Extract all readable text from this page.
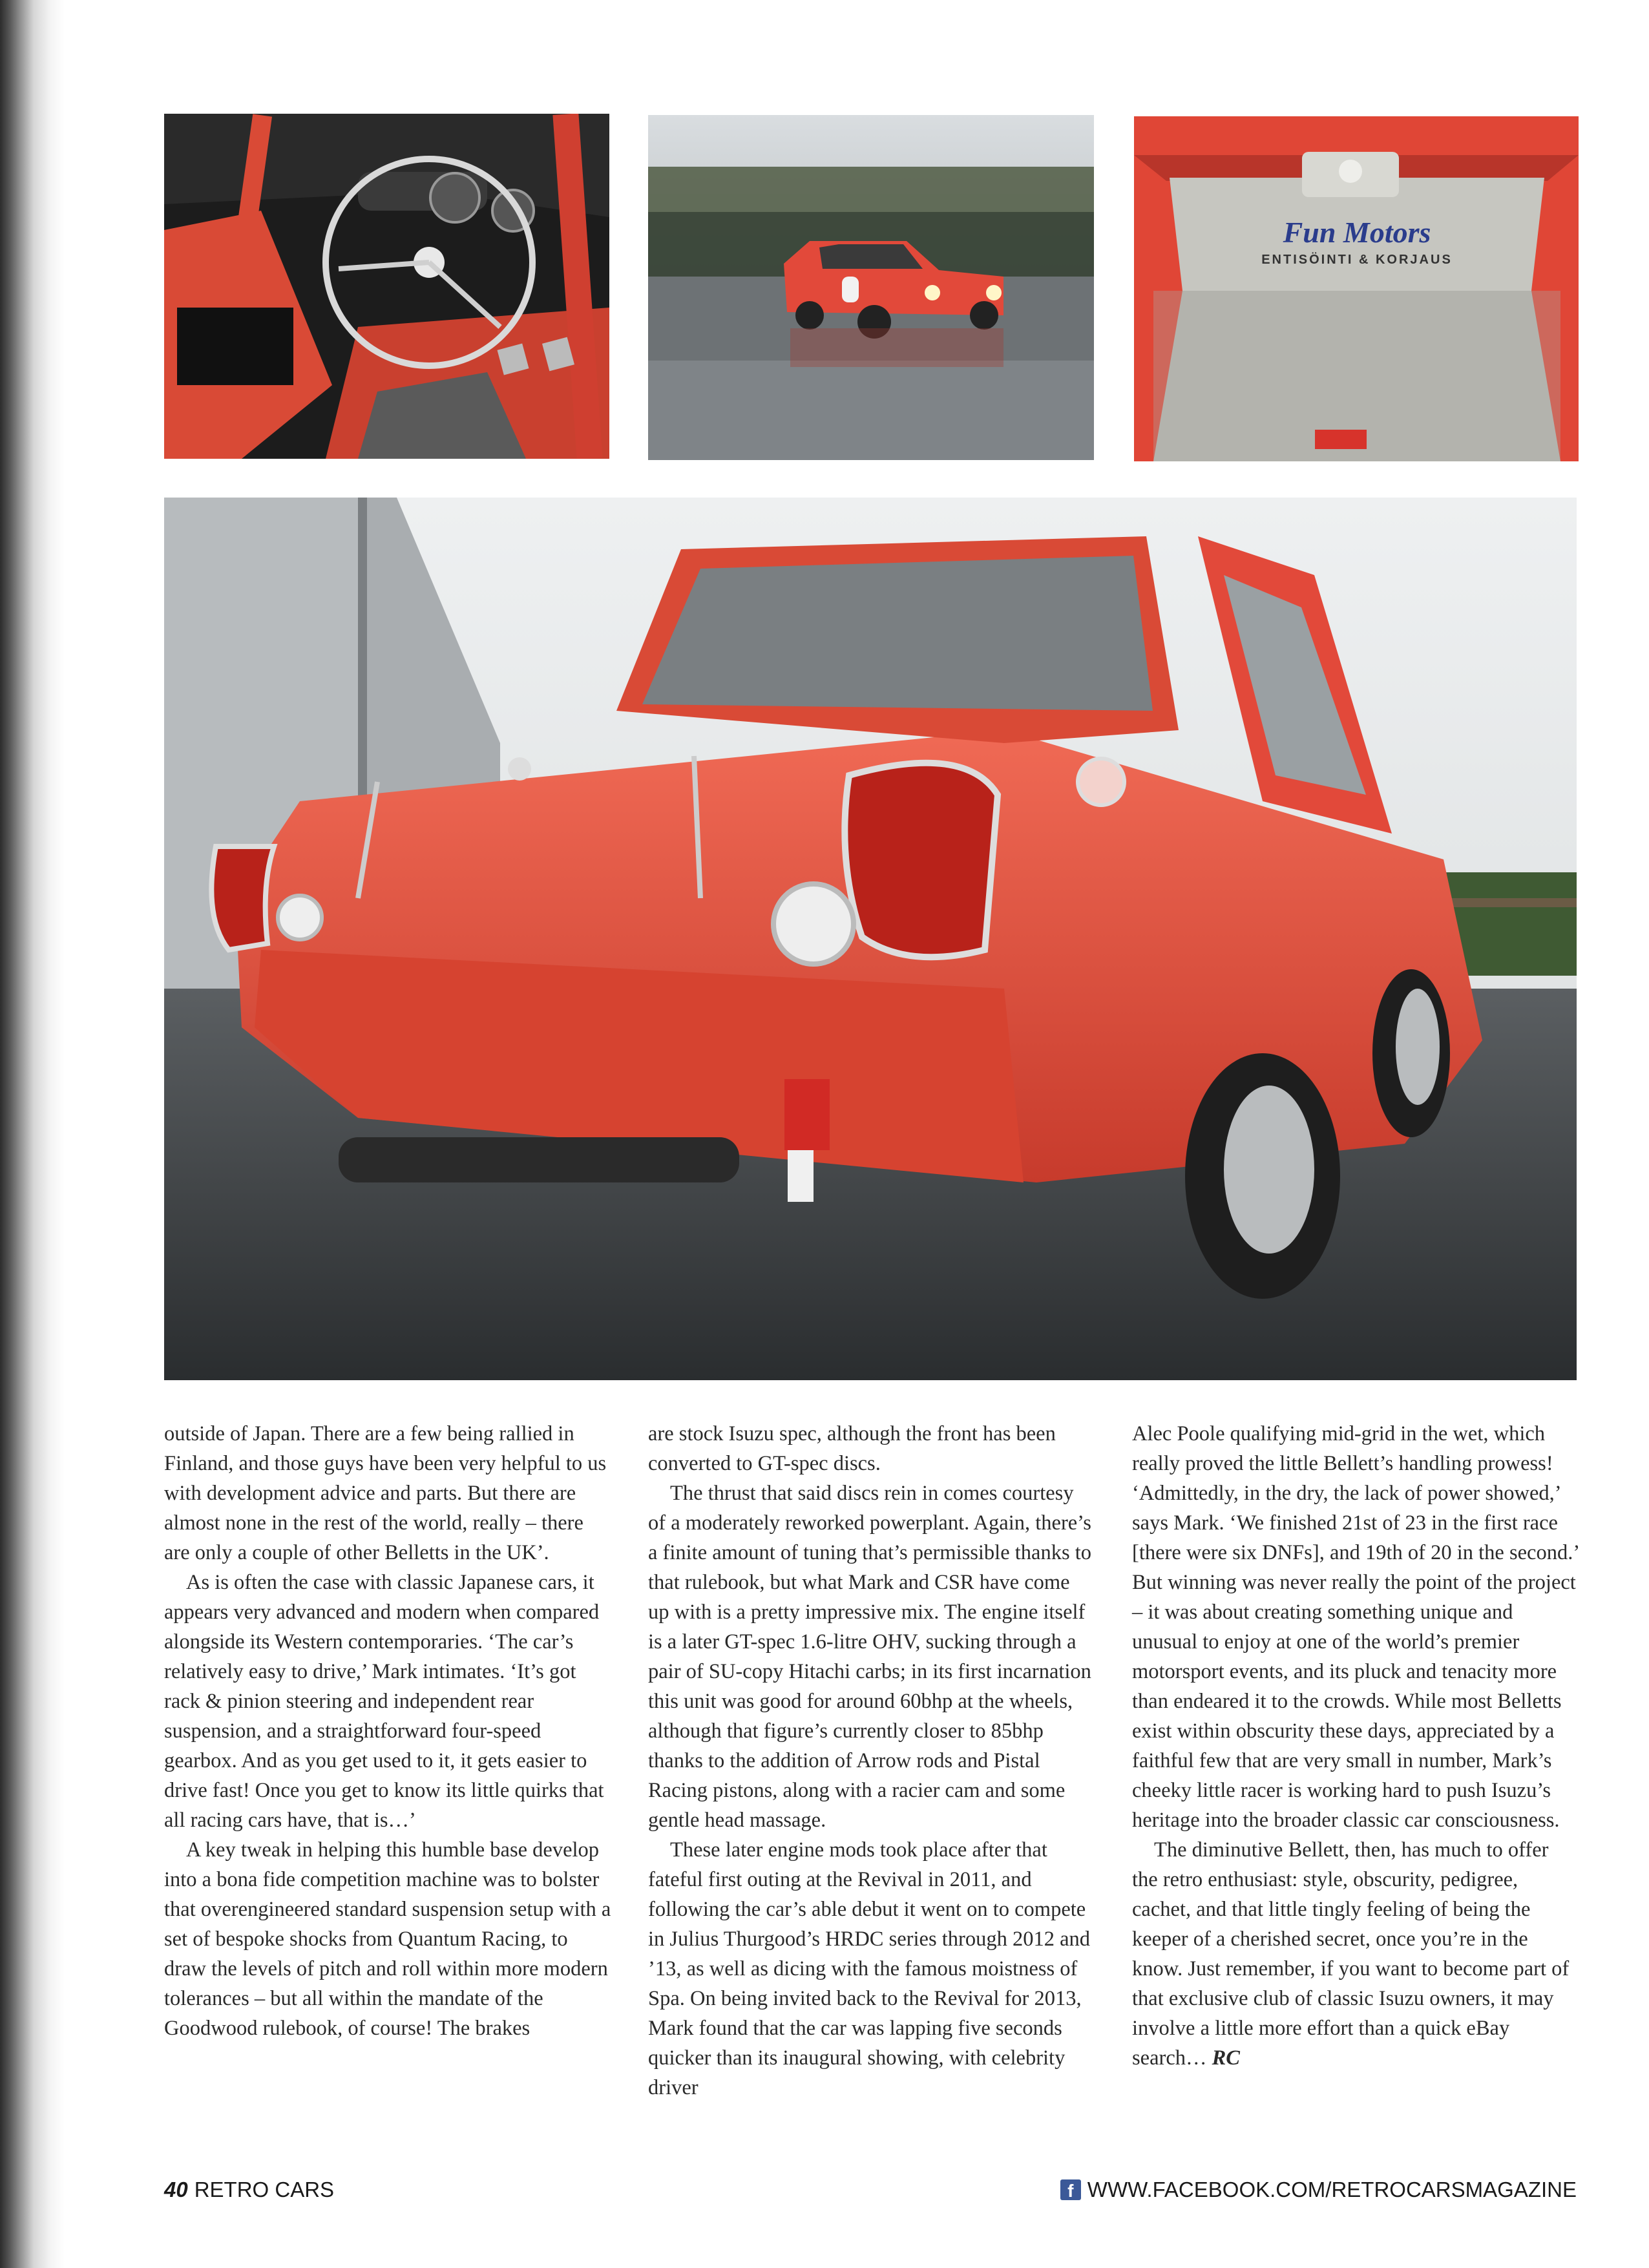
Fun Motors
ENTISÖINTI & KORJAUS

outside of Japan. There are a few being rallied in Finland, and those guys have been very helpful to us with development advice and parts. But there are almost none in the rest of the world, really – there are only a couple of other Belletts in the UK’.

As is often the case with classic Japanese cars, it appears very advanced and modern when compared alongside its Western contemporaries. ‘The car’s relatively easy to drive,’ Mark intimates. ‘It’s got rack & pinion steering and independent rear suspension, and a straightforward four-speed gearbox. And as you get used to it, it gets easier to drive fast! Once you get to know its little quirks that all racing cars have, that is…’

A key tweak in helping this humble base develop into a bona fide competition machine was to bolster that overengineered standard suspension setup with a set of bespoke shocks from Quantum Racing, to draw the levels of pitch and roll within more modern tolerances – but all within the mandate of the Goodwood rulebook, of course! The brakes

are stock Isuzu spec, although the front has been converted to GT-spec discs.

The thrust that said discs rein in comes courtesy of a moderately reworked powerplant. Again, there’s a finite amount of tuning that’s permissible thanks to that rulebook, but what Mark and CSR have come up with is a pretty impressive mix. The engine itself is a later GT-spec 1.6-litre OHV, sucking through a pair of SU-copy Hitachi carbs; in its first incarnation this unit was good for around 60bhp at the wheels, although that figure’s currently closer to 85bhp thanks to the addition of Arrow rods and Pistal Racing pistons, along with a racier cam and some gentle head massage.

These later engine mods took place after that fateful first outing at the Revival in 2011, and following the car’s able debut it went on to compete in Julius Thurgood’s HRDC series through 2012 and ’13, as well as dicing with the famous moistness of Spa. On being invited back to the Revival for 2013, Mark found that the car was lapping five seconds quicker than its inaugural showing, with celebrity driver

Alec Poole qualifying mid-grid in the wet, which really proved the little Bellett’s handling prowess! ‘Admittedly, in the dry, the lack of power showed,’ says Mark. ‘We finished 21st of 23 in the first race [there were six DNFs], and 19th of 20 in the second.’ But winning was never really the point of the project – it was about creating something unique and unusual to enjoy at one of the world’s premier motorsport events, and its pluck and tenacity more than endeared it to the crowds. While most Belletts exist within obscurity these days, appreciated by a faithful few that are very small in number, Mark’s cheeky little racer is working hard to push Isuzu’s heritage into the broader classic car consciousness.

The diminutive Bellett, then, has much to offer the retro enthusiast: style, obscurity, pedigree, cachet, and that little tingly feeling of being the keeper of a cherished secret, once you’re in the know. Just remember, if you want to become part of that exclusive club of classic Isuzu owners, it may involve a little more effort than a quick eBay search… RC

40 RETRO CARS	f WWW.FACEBOOK.COM/RETROCARSMAGAZINE
